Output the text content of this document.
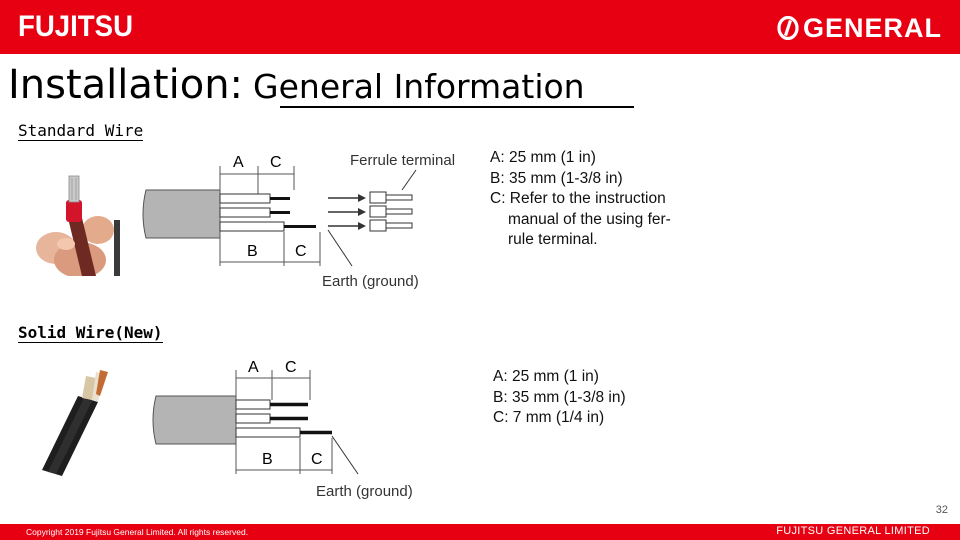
FUJITSU	GENERAL
Installation: General Information
Standard Wire
A C
B C
Ferrule terminal
Earth (ground)
A: 25 mm (1 in)
B: 35 mm (1-3/8 in)
C: Refer to the instruction
manual of the using fer-
rule terminal.
Solid Wire(New)
A C
B C
Earth (ground)
A: 25 mm (1 in)
B: 35 mm (1-3/8 in)
C: 7 mm (1/4 in)
32
Copyright 2019 Fujitsu General Limited. All rights reserved.	FUJITSU GENERAL LIMITED
